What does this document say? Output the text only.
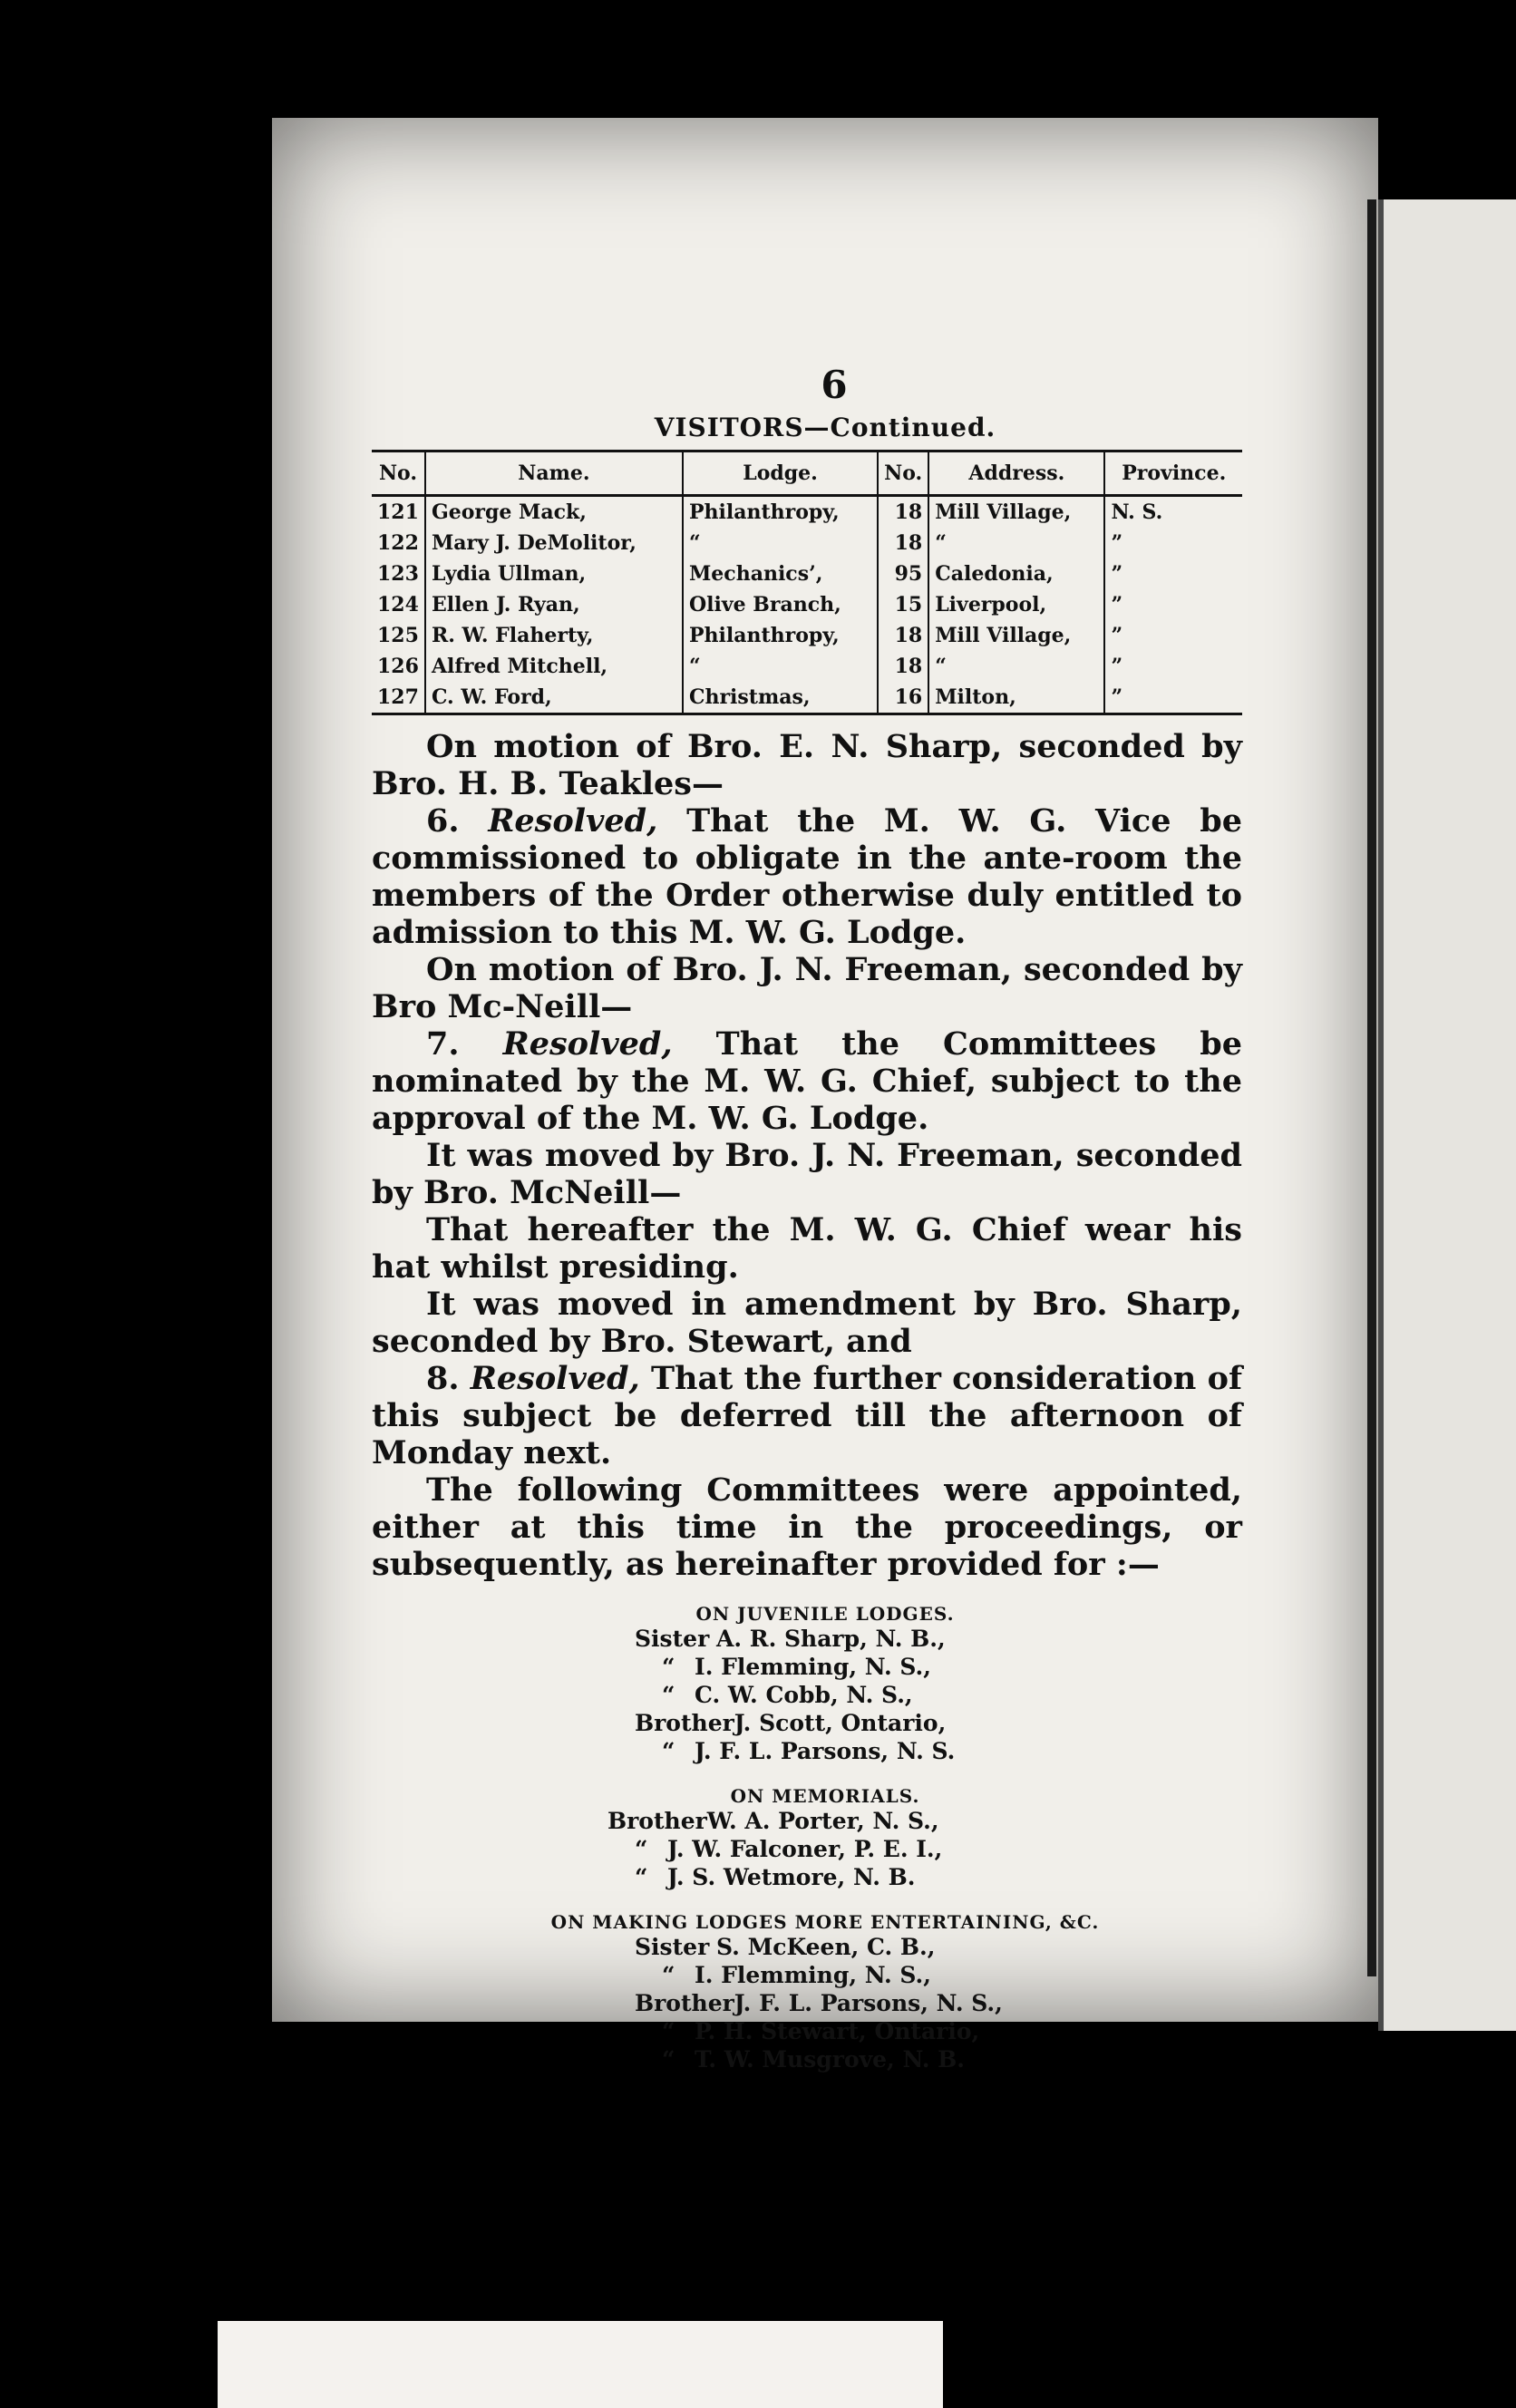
6
VISITORS—Continued.
No.	Name.	Lodge.	No.	Address.	Province.
121	George Mack,	Philanthropy,	18	Mill Village,	N. S.
122	Mary J. DeMolitor,	“	18	“	”
123	Lydia Ullman,	Mechanics’,	95	Caledonia,	”
124	Ellen J. Ryan,	Olive Branch,	15	Liverpool,	”
125	R. W. Flaherty,	Philanthropy,	18	Mill Village,	”
126	Alfred Mitchell,	“	18	“	”
127	C. W. Ford,	Christmas,	16	Milton,	”

On motion of Bro. E. N. Sharp, seconded by Bro. H. B. Teakles—

6. Resolved, That the M. W. G. Vice be commissioned to obligate in the ante-room the members of the Order otherwise duly entitled to admission to this M. W. G. Lodge.

On motion of Bro. J. N. Freeman, seconded by Bro Mc-Neill—

7. Resolved, That the Committees be nominated by the M. W. G. Chief, subject to the approval of the M. W. G. Lodge.

It was moved by Bro. J. N. Freeman, seconded by Bro. McNeill—

That hereafter the M. W. G. Chief wear his hat whilst presiding.

It was moved in amendment by Bro. Sharp, seconded by Bro. Stewart, and

8. Resolved, That the further consideration of this subject be deferred till the afternoon of Monday next.

The following Committees were appointed, either at this time in the proceedings, or subsequently, as hereinafter provided for :—

ON JUVENILE LODGES.
SisterA. R. Sharp, N. B.,
“I. Flemming, N. S.,
“C. W. Cobb, N. S.,
BrotherJ. Scott, Ontario,
“J. F. L. Parsons, N. S.
ON MEMORIALS.
BrotherW. A. Porter, N. S.,
“J. W. Falconer, P. E. I.,
“J. S. Wetmore, N. B.
ON MAKING LODGES MORE ENTERTAINING, &C.
SisterS. McKeen, C. B.,
“I. Flemming, N. S.,
BrotherJ. F. L. Parsons, N. S.,
“P. H. Stewart, Ontario,
“T. W. Musgrove, N. B.
